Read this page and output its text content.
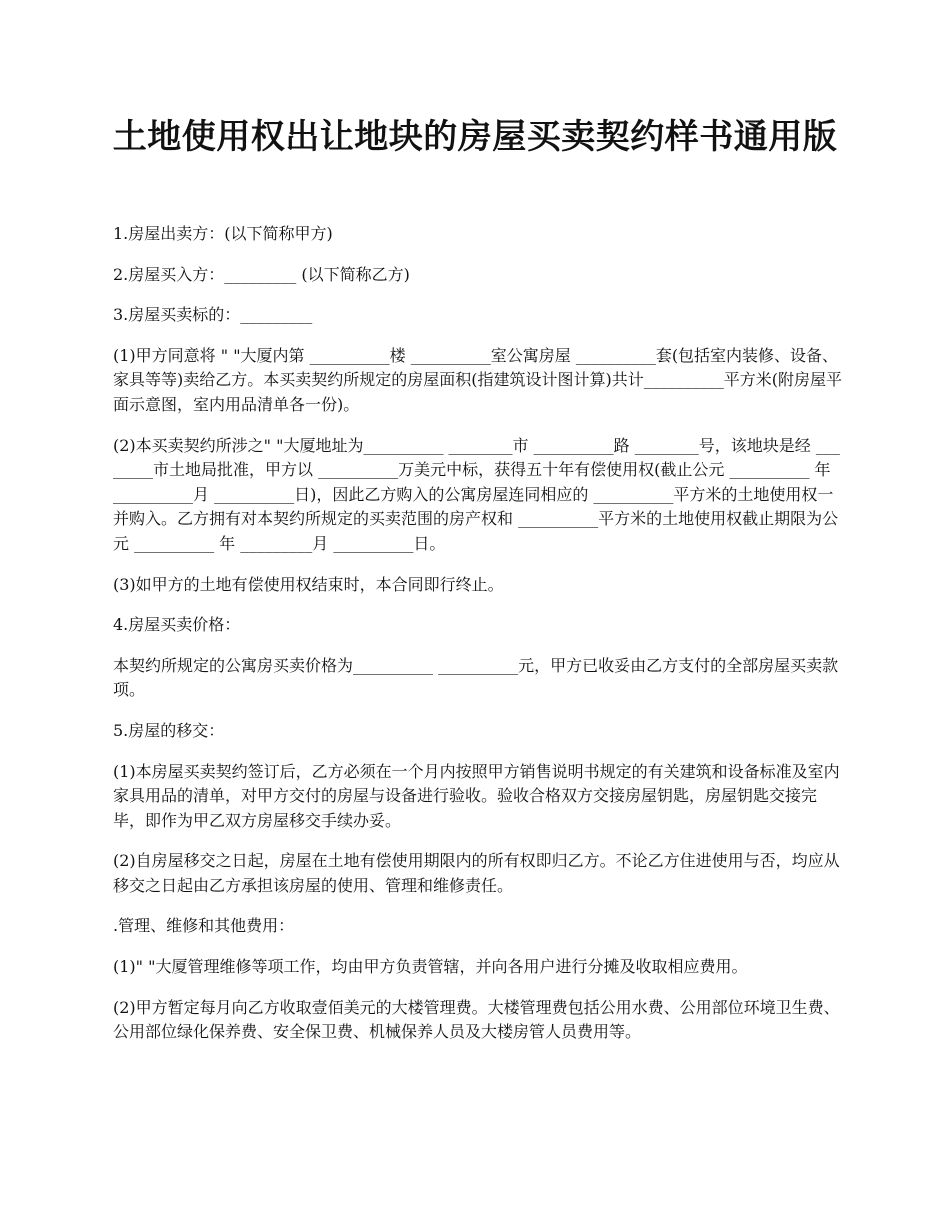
土地使用权出让地块的房屋买卖契约样书通用版

1.房屋出卖方：(以下简称甲方)

2.房屋买入方：_________ (以下简称乙方)

3.房屋买卖标的：_________

(1)甲方同意将 " "大厦内第 __________楼 __________室公寓房屋 __________套(包括室内装修、设备、家具等等)卖给乙方。本买卖契约所规定的房屋面积(指建筑设计图计算)共计__________平方米(附房屋平面示意图，室内用品清单各一份)。

(2)本买卖契约所涉之" "大厦地址为__________ ________市 __________路 ________号，该地块是经 ________市土地局批准，甲方以 __________万美元中标，获得五十年有偿使用权(截止公元 __________ 年 __________月 __________日)，因此乙方购入的公寓房屋连同相应的 __________平方米的土地使用权一并购入。乙方拥有对本契约所规定的买卖范围的房产权和 __________平方米的土地使用权截止期限为公元 __________ 年 _________月 __________日。

(3)如甲方的土地有偿使用权结束时，本合同即行终止。

4.房屋买卖价格：

本契约所规定的公寓房买卖价格为__________ __________元，甲方已收妥由乙方支付的全部房屋买卖款项。

5.房屋的移交：

(1)本房屋买卖契约签订后，乙方必须在一个月内按照甲方销售说明书规定的有关建筑和设备标准及室内家具用品的清单，对甲方交付的房屋与设备进行验收。验收合格双方交接房屋钥匙，房屋钥匙交接完毕，即作为甲乙双方房屋移交手续办妥。

(2)自房屋移交之日起，房屋在土地有偿使用期限内的所有权即归乙方。不论乙方住进使用与否，均应从移交之日起由乙方承担该房屋的使用、管理和维修责任。

.管理、维修和其他费用：

(1)" "大厦管理维修等项工作，均由甲方负责管辖，并向各用户进行分摊及收取相应费用。

(2)甲方暂定每月向乙方收取壹佰美元的大楼管理费。大楼管理费包括公用水费、公用部位环境卫生费、公用部位绿化保养费、安全保卫费、机械保养人员及大楼房管人员费用等。
